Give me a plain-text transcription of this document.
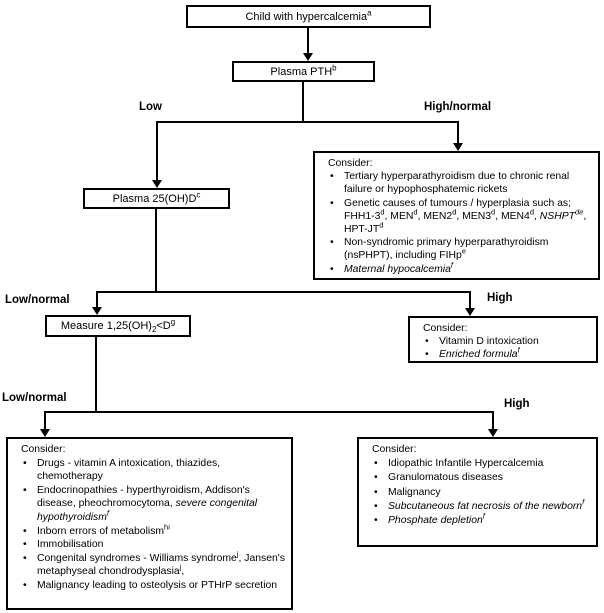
Child with hypercalcemia$^a$
Plasma PTH$^b$
Plasma $25(OH)D^c$
Measure $1,25(OH)_2<D^g$
Low	High/normal
Low/normal	High
Low/normal	High
Consider:
• Tertiary hyperparathyroidism due to chronic renal failure or hypophosphatemic rickets
• Genetic causes of tumours / hyperplasia such as; FHH1-3$^d$, MEN$^d$, MEN2$^d$, MEN3$^d$, MEN4$^d$, $NSHPT^{de}$, HPT-$JT^d$
• Non-syndromic primary hyperparathyroidism (nsPHPT), including FIHp$^e$
• Maternal hypocalcemia$^f$
Consider:
• Vitamin D intoxication
• Enriched formula$^f$
Consider:
• Drugs - vitamin A intoxication, thiazides, chemotherapy
• Endocrinopathies - hyperthyroidism, Addison's disease, pheochromocytoma, severe congenital hypothyroidism$^f$
• Inborn errors of metabolism$^{hi}$
• Immobilisation
• Congenital syndromes - Williams syndrome$^j$, Jansen's metaphyseal chondrodysplasia$^j$,
• Malignancy leading to osteolysis or PTHrP secretion
Consider:
• Idiopathic Infantile Hypercalcemia
• Granulomatous diseases
• Malignancy
• Subcutaneous fat necrosis of the newborn$^f$
• Phosphate depletion$^f$
